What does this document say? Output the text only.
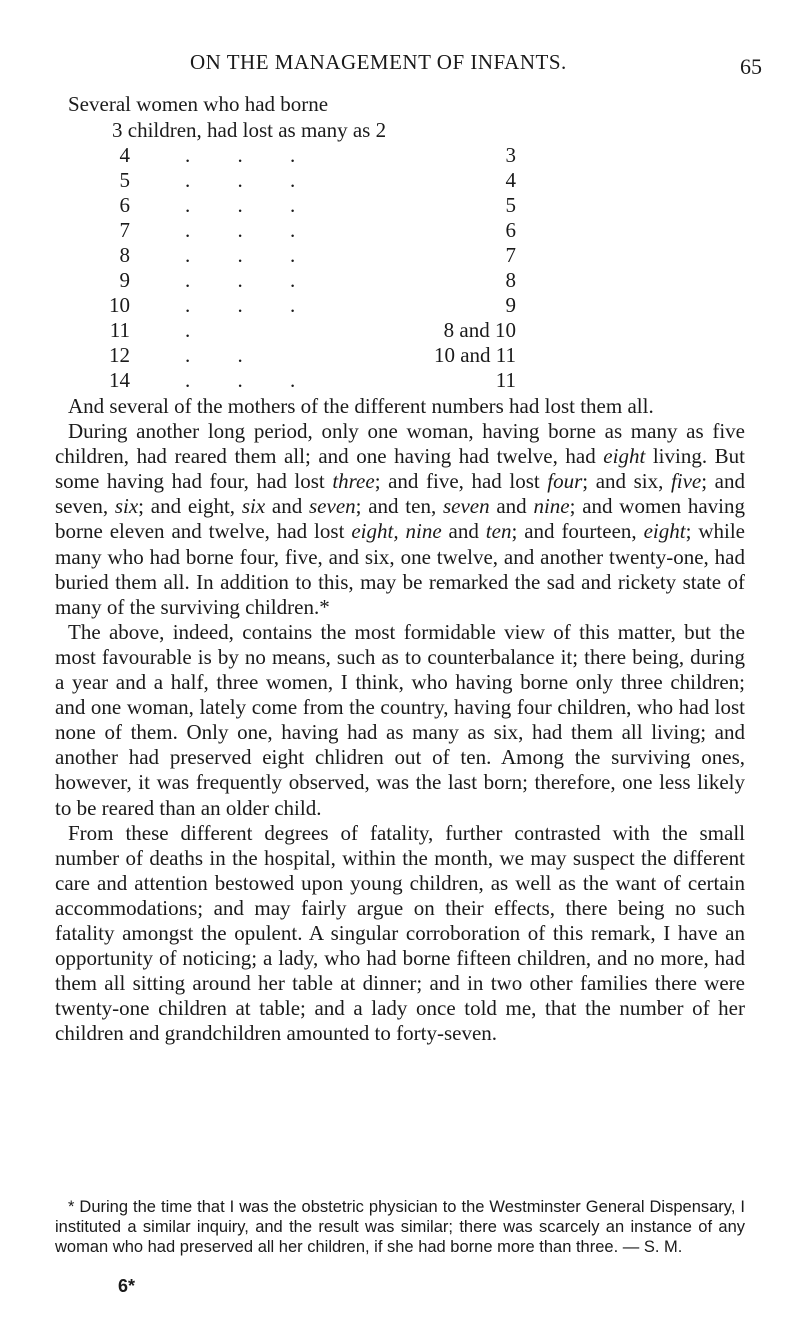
ON THE MANAGEMENT OF INFANTS.	65
Several women who had borne
3 children, had lost as many as 2
4	. . .	3
5	. . .	4
6	. . .	5
7	. . .	6
8	. . .	7
9	. . .	8
10	. . .	9
11	.	8 and 10
12	. .	10 and 11
14	. . .	11

And several of the mothers of the different numbers had lost them all.

During another long period, only one woman, having borne as many as five children, had reared them all; and one having had twelve, had eight living. But some having had four, had lost three; and five, had lost four; and six, five; and seven, six; and eight, six and seven; and ten, seven and nine; and women having borne eleven and twelve, had lost eight, nine and ten; and fourteen, eight; while many who had borne four, five, and six, one twelve, and another twenty-one, had buried them all. In addition to this, may be remarked the sad and rickety state of many of the surviving children.*

The above, indeed, contains the most formidable view of this matter, but the most favourable is by no means, such as to counterbalance it; there being, during a year and a half, three women, I think, who having borne only three children; and one woman, lately come from the country, having four children, who had lost none of them. Only one, having had as many as six, had them all living; and another had preserved eight chlidren out of ten. Among the surviving ones, however, it was frequently observed, was the last born; therefore, one less likely to be reared than an older child.

From these different degrees of fatality, further contrasted with the small number of deaths in the hospital, within the month, we may suspect the different care and attention bestowed upon young children, as well as the want of certain accommodations; and may fairly argue on their effects, there being no such fatality amongst the opulent. A singular corroboration of this remark, I have an opportunity of noticing; a lady, who had borne fifteen children, and no more, had them all sitting around her table at dinner; and in two other families there were twenty-one children at table; and a lady once told me, that the number of her children and grandchildren amounted to forty-seven.

* During the time that I was the obstetric physician to the Westminster General Dispensary, I instituted a similar inquiry, and the result was similar; there was scarcely an instance of any woman who had preserved all her children, if she had borne more than three. — S. M.

6*
